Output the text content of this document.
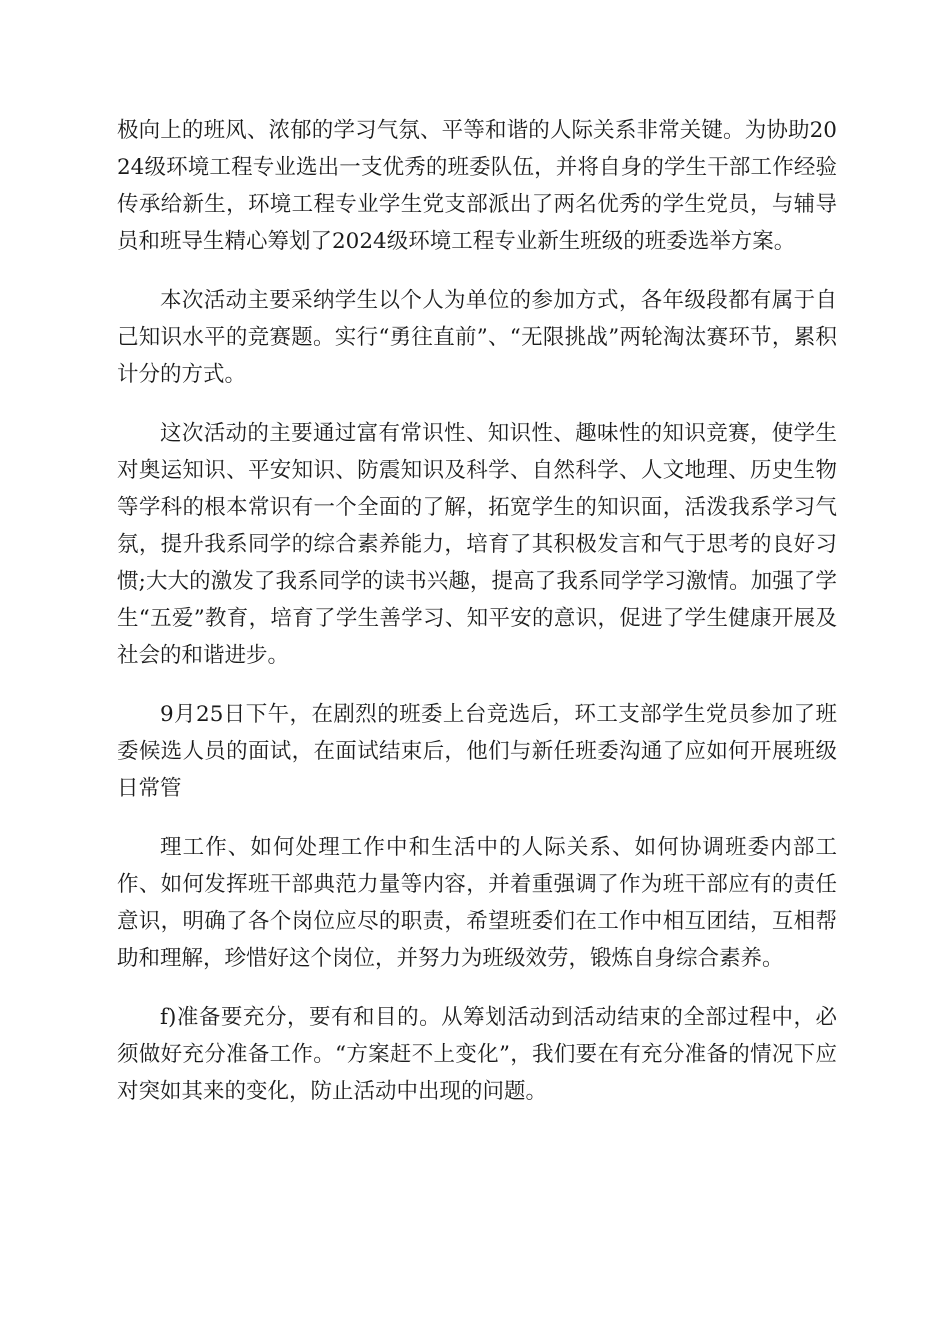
极向上的班风、浓郁的学习气氛、平等和谐的人际关系非常关键。为协助2024级环境工程专业选出一支优秀的班委队伍，并将自身的学生干部工作经验传承给新生，环境工程专业学生党支部派出了两名优秀的学生党员，与辅导员和班导生精心筹划了2024级环境工程专业新生班级的班委选举方案。

本次活动主要采纳学生以个人为单位的参加方式，各年级段都有属于自己知识水平的竞赛题。实行“勇往直前”、“无限挑战”两轮淘汰赛环节，累积计分的方式。

这次活动的主要通过富有常识性、知识性、趣味性的知识竞赛，使学生对奥运知识、平安知识、防震知识及科学、自然科学、人文地理、历史生物等学科的根本常识有一个全面的了解，拓宽学生的知识面，活泼我系学习气氛，提升我系同学的综合素养能力，培育了其积极发言和气于思考的良好习惯;大大的激发了我系同学的读书兴趣，提高了我系同学学习激情。加强了学生“五爱”教育，培育了学生善学习、知平安的意识，促进了学生健康开展及社会的和谐进步。

9月25日下午，在剧烈的班委上台竞选后，环工支部学生党员参加了班委候选人员的面试，在面试结束后，他们与新任班委沟通了应如何开展班级日常管

理工作、如何处理工作中和生活中的人际关系、如何协调班委内部工作、如何发挥班干部典范力量等内容，并着重强调了作为班干部应有的责任意识，明确了各个岗位应尽的职责，希望班委们在工作中相互团结，互相帮助和理解，珍惜好这个岗位，并努力为班级效劳，锻炼自身综合素养。

f)准备要充分，要有和目的。从筹划活动到活动结束的全部过程中，必须做好充分准备工作。“方案赶不上变化”，我们要在有充分准备的情况下应对突如其来的变化，防止活动中出现的问题。
